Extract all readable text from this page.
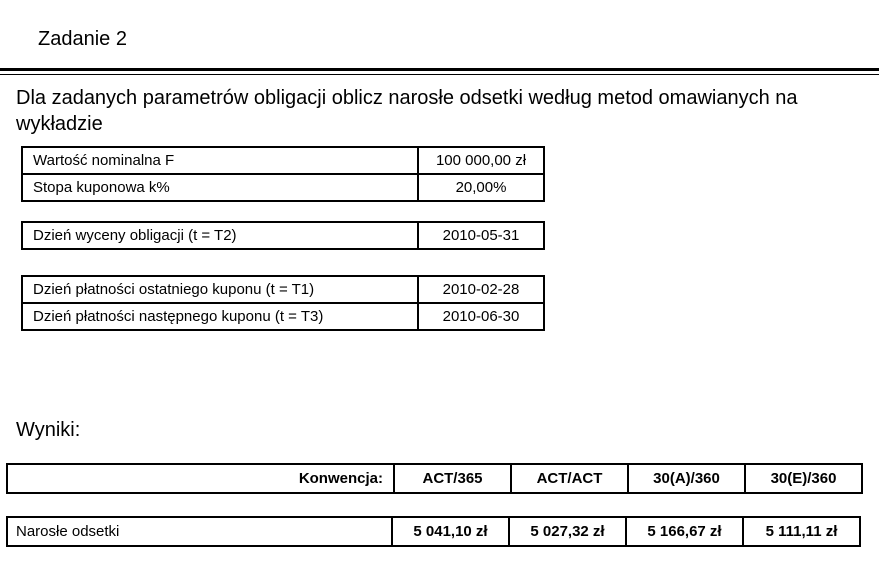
Zadanie 2
Dla zadanych parametrów obligacji oblicz narosłe odsetki według metod omawianych na wykładzie
Wartość nominalna F	100 000,00 zł
Stopa kuponowa k%	20,00%
Dzień wyceny obligacji (t = T2)	2010-05-31
Dzień płatności ostatniego kuponu (t = T1)	2010-02-28
Dzień płatności następnego kuponu (t = T3)	2010-06-30
Wyniki:
Konwencja:	ACT/365	ACT/ACT	30(A)/360	30(E)/360
Narosłe odsetki	5 041,10 zł	5 027,32 zł	5 166,67 zł	5 111,11 zł
